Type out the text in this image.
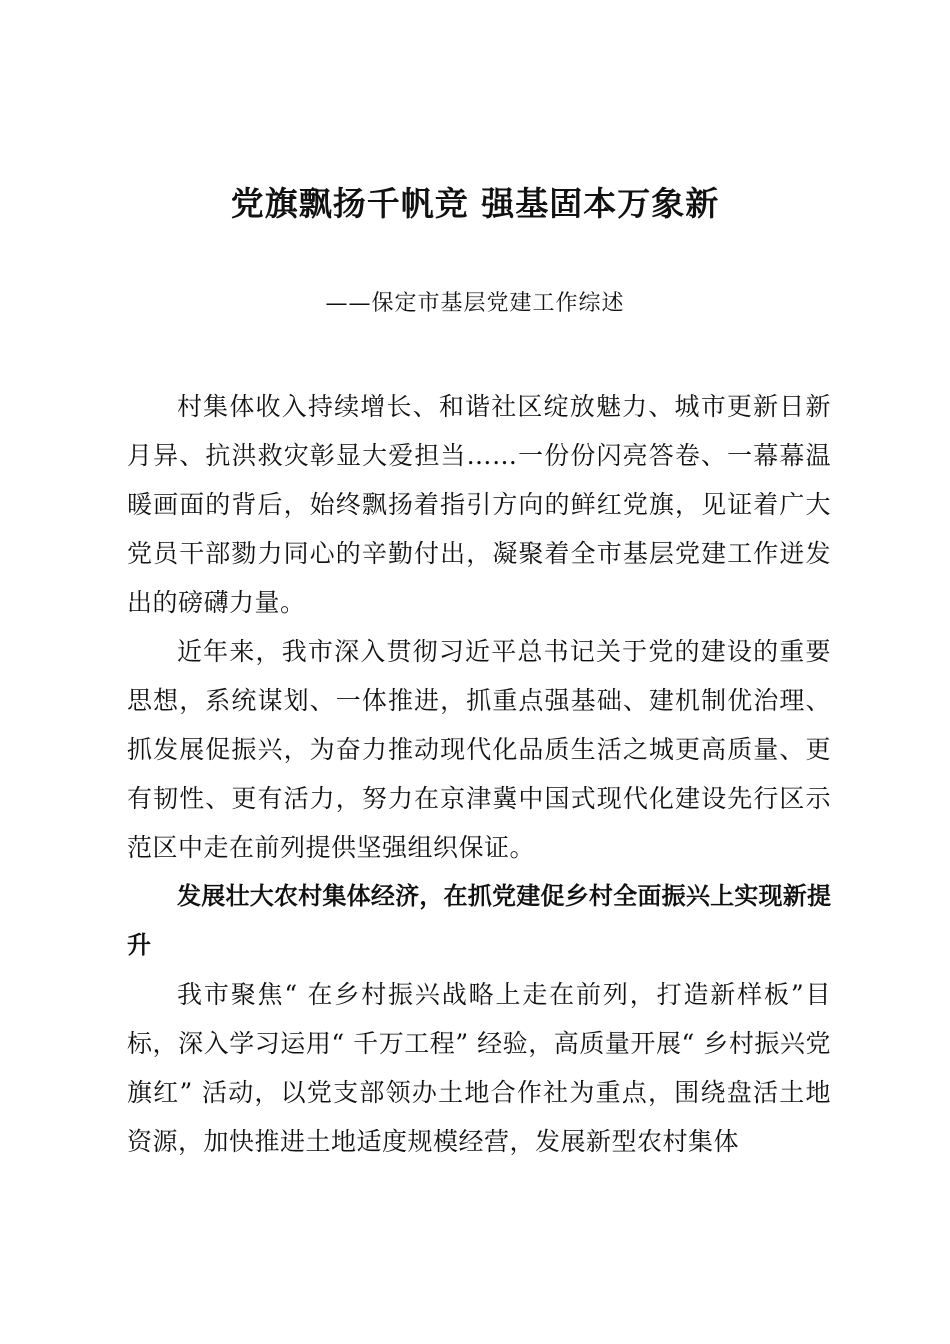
党旗飘扬千帆竞 强基固本万象新
——保定市基层党建工作综述

村集体收入持续增长、和谐社区绽放魅力、城市更新日新月异、抗洪救灾彰显大爱担当……一份份闪亮答卷、一幕幕温暖画面的背后，始终飘扬着指引方向的鲜红党旗，见证着广大党员干部勠力同心的辛勤付出，凝聚着全市基层党建工作迸发出的磅礴力量。

近年来，我市深入贯彻习近平总书记关于党的建设的重要思想，系统谋划、一体推进，抓重点强基础、建机制优治理、抓发展促振兴，为奋力推动现代化品质生活之城更高质量、更有韧性、更有活力，努力在京津冀中国式现代化建设先行区示范区中走在前列提供坚强组织保证。

发展壮大农村集体经济，在抓党建促乡村全面振兴上实现新提升

我市聚焦“ 在乡村振兴战略上走在前列，打造新样板”目标，深入学习运用“ 千万工程” 经验，高质量开展“ 乡村振兴党旗红” 活动，以党支部领办土地合作社为重点，围绕盘活土地资源，加快推进土地适度规模经营，发展新型农村集体
